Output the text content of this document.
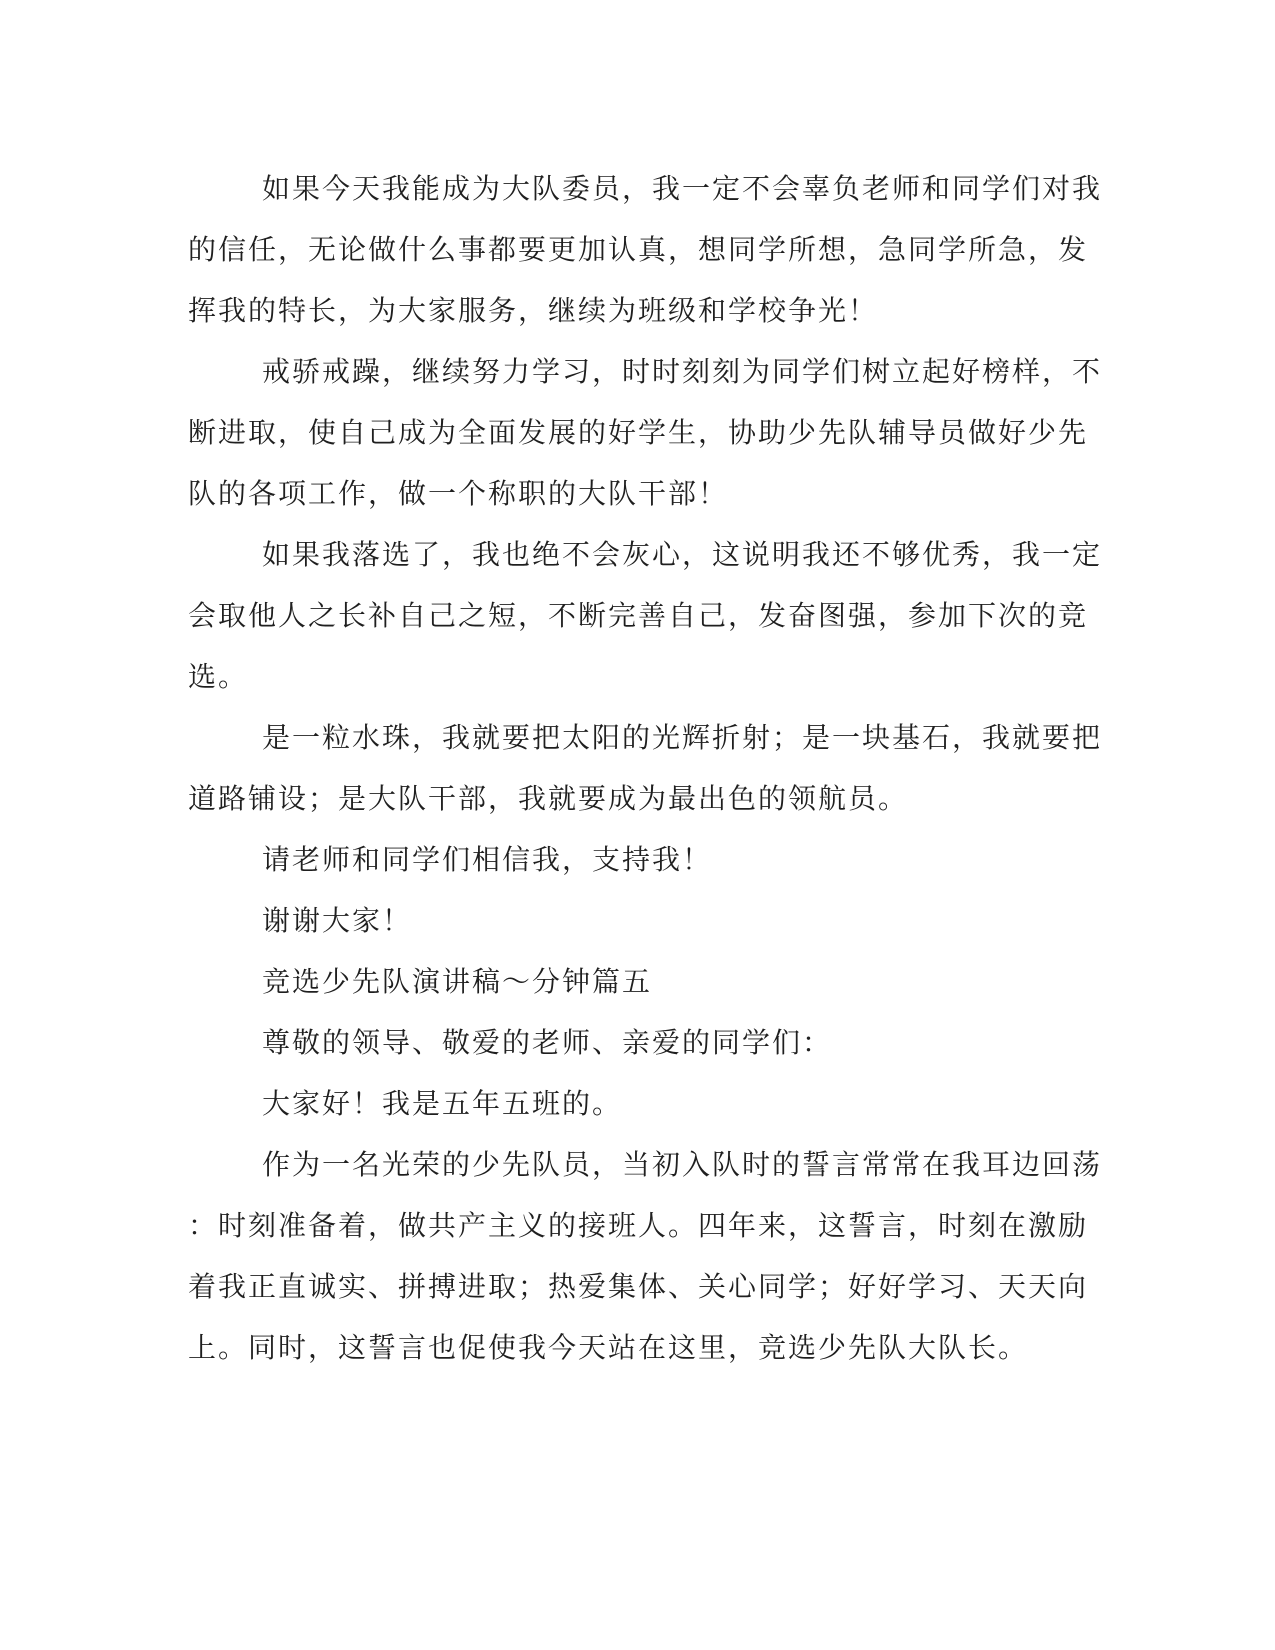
如果今天我能成为大队委员，我一定不会辜负老师和同学们对我
的信任，无论做什么事都要更加认真，想同学所想，急同学所急，发
挥我的特长，为大家服务，继续为班级和学校争光！
戒骄戒躁，继续努力学习，时时刻刻为同学们树立起好榜样，不
断进取，使自己成为全面发展的好学生，协助少先队辅导员做好少先
队的各项工作，做一个称职的大队干部！
如果我落选了，我也绝不会灰心，这说明我还不够优秀，我一定
会取他人之长补自己之短，不断完善自己，发奋图强，参加下次的竞
选。
是一粒水珠，我就要把太阳的光辉折射；是一块基石，我就要把
道路铺设；是大队干部，我就要成为最出色的领航员。
请老师和同学们相信我，支持我！
谢谢大家！
竞选少先队演讲稿～分钟篇五
尊敬的领导、敬爱的老师、亲爱的同学们：
大家好！我是五年五班的。
作为一名光荣的少先队员，当初入队时的誓言常常在我耳边回荡
：时刻准备着，做共产主义的接班人。四年来，这誓言，时刻在激励
着我正直诚实、拼搏进取；热爱集体、关心同学；好好学习、天天向
上。同时，这誓言也促使我今天站在这里，竞选少先队大队长。
